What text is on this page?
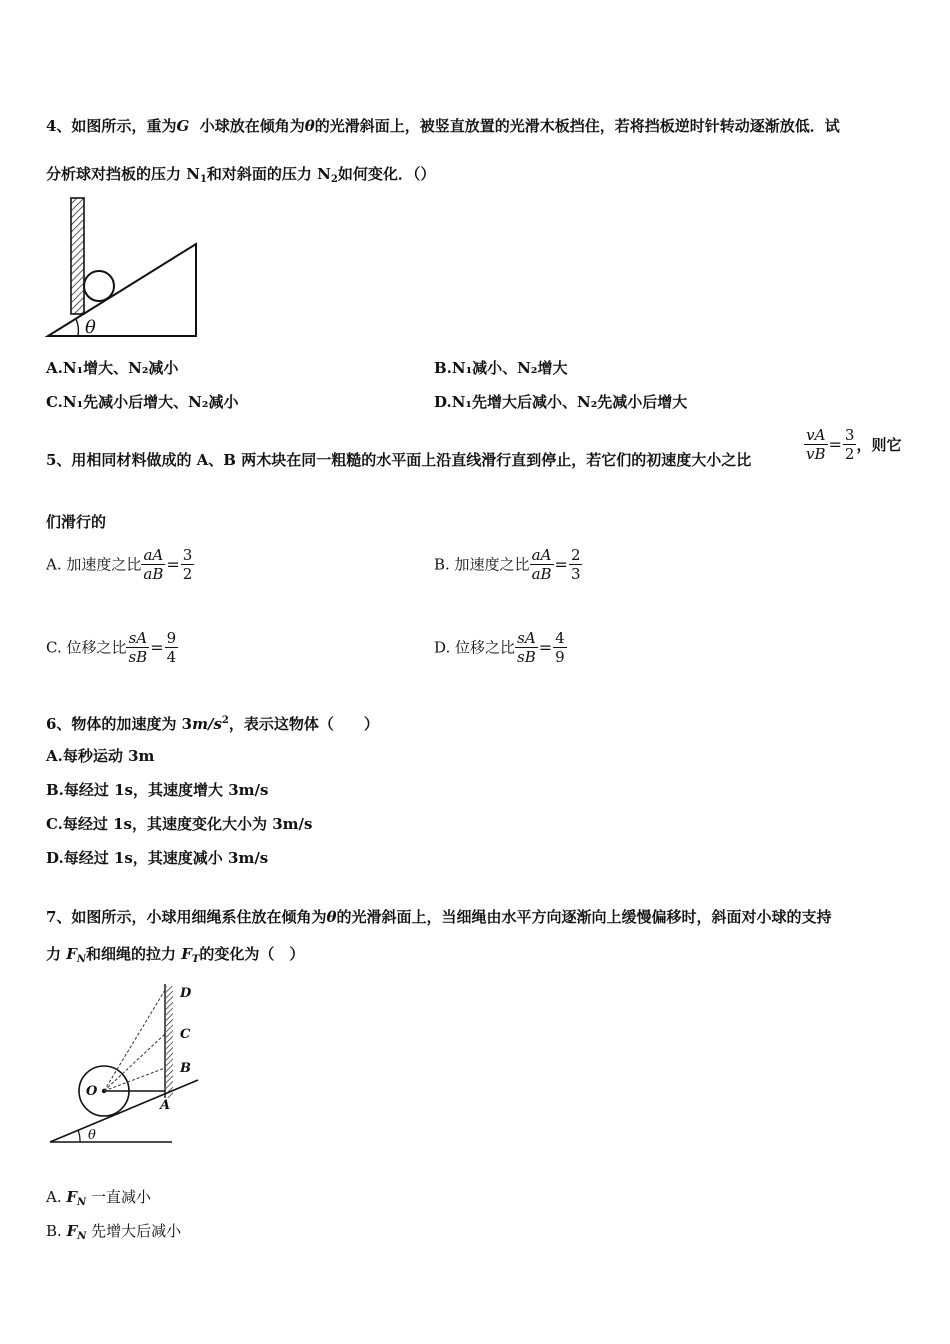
4、如图所示，重为G  小球放在倾角为θ的光滑斜面上，被竖直放置的光滑木板挡住，若将挡板逆时针转动逐渐放低．试
分析球对挡板的压力 $N_1$和对斜面的压力 $N_2$如何变化．（）
θ
A.N₁增大、N₂减小	B.N₁减小、N₂增大
C.N₁先减小后增大、N₂减小	D.N₁先增大后减小、N₂先减小后增大
5、用相同材料做成的 A、B 两木块在同一粗糙的水平面上沿直线滑行直到停止，若它们的初速度大小之比	$\frac{vA}{vB} = \frac{3}{2}$ ，则它
们滑行的
A. 加速度之比 $\frac{aA}{aB} = \frac{3}{2}$	B. 加速度之比 $\frac{aA}{aB} = \frac{2}{3}$
C. 位移之比 $\frac{sA}{sB} = \frac{9}{4}$	D. 位移之比 $\frac{sA}{sB} = \frac{4}{9}$
6、物体的加速度为 $3m/s^2$，表示这物体（　　）
A.每秒运动 3m
B.每经过 1s，其速度增大 3m/s
C.每经过 1s，其速度变化大小为 3m/s
D.每经过 1s，其速度减小 3m/s
7、如图所示，小球用细绳系住放在倾角为θ的光滑斜面上，当细绳由水平方向逐渐向上缓慢偏移时，斜面对小球的支持
力 $F_N$和细绳的拉力 $F_T$的变化为（　）
θ
D
C
B
A
O
A. $F_N$ 一直减小
B. $F_N$ 先增大后减小
